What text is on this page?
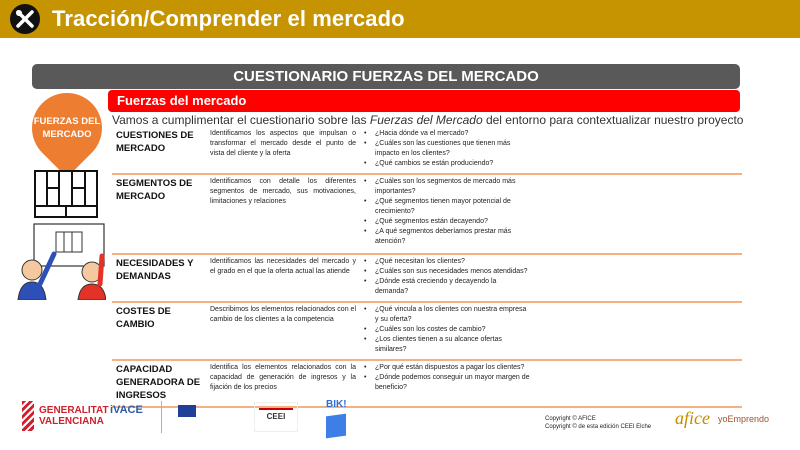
Tracción/Comprender el mercado
CUESTIONARIO FUERZAS DEL MERCADO
Fuerzas del mercado
FUERZAS DEL
MERCADO
Vamos a cumplimentar el cuestionario sobre las Fuerzas del Mercado del entorno para contextualizar nuestro proyecto
CUESTIONES DE MERCADO
Identificamos los aspectos que impulsan o transformar el mercado desde el punto de vista del cliente y la oferta
• ¿Hacia dónde va el mercado?
• ¿Cuáles son las cuestiones que tienen más impacto en los clientes?
• ¿Qué cambios se están produciendo?
SEGMENTOS DE MERCADO
Identificamos con detalle los diferentes segmentos de mercado, sus motivaciones, limitaciones y relaciones
• ¿Cuáles son los segmentos de mercado más importantes?
• ¿Qué segmentos tienen mayor potencial de crecimiento?
• ¿Qué segmentos están decayendo?
• ¿A qué segmentos deberíamos prestar más atención?
NECESIDADES Y DEMANDAS
Identificamos las necesidades del mercado y el grado en el que la oferta actual las atiende
• ¿Qué necesitan los clientes?
• ¿Cuáles son sus necesidades menos atendidas?
• ¿Dónde está creciendo y decayendo la demanda?
COSTES DE CAMBIO
Describimos los elementos relacionados con el cambio de los clientes a la competencia
• ¿Qué vincula a los clientes con nuestra empresa y su oferta?
• ¿Cuáles son los costes de cambio?
• ¿Los clientes tienen a su alcance ofertas similares?
CAPACIDAD GENERADORA DE INGRESOS
Identifica los elementos relacionados con la capacidad de generación de ingresos y la fijación de los precios
• ¿Por qué están dispuestos a pagar los clientes?
• ¿Dónde podemos conseguir un mayor margen de beneficio?
GENERALITAT
VALENCIANA
iVACE

CEEI
BIK!
Copyright © AFICE
Copyright © de esta edición CEEI Elche afice yoEmprendo
